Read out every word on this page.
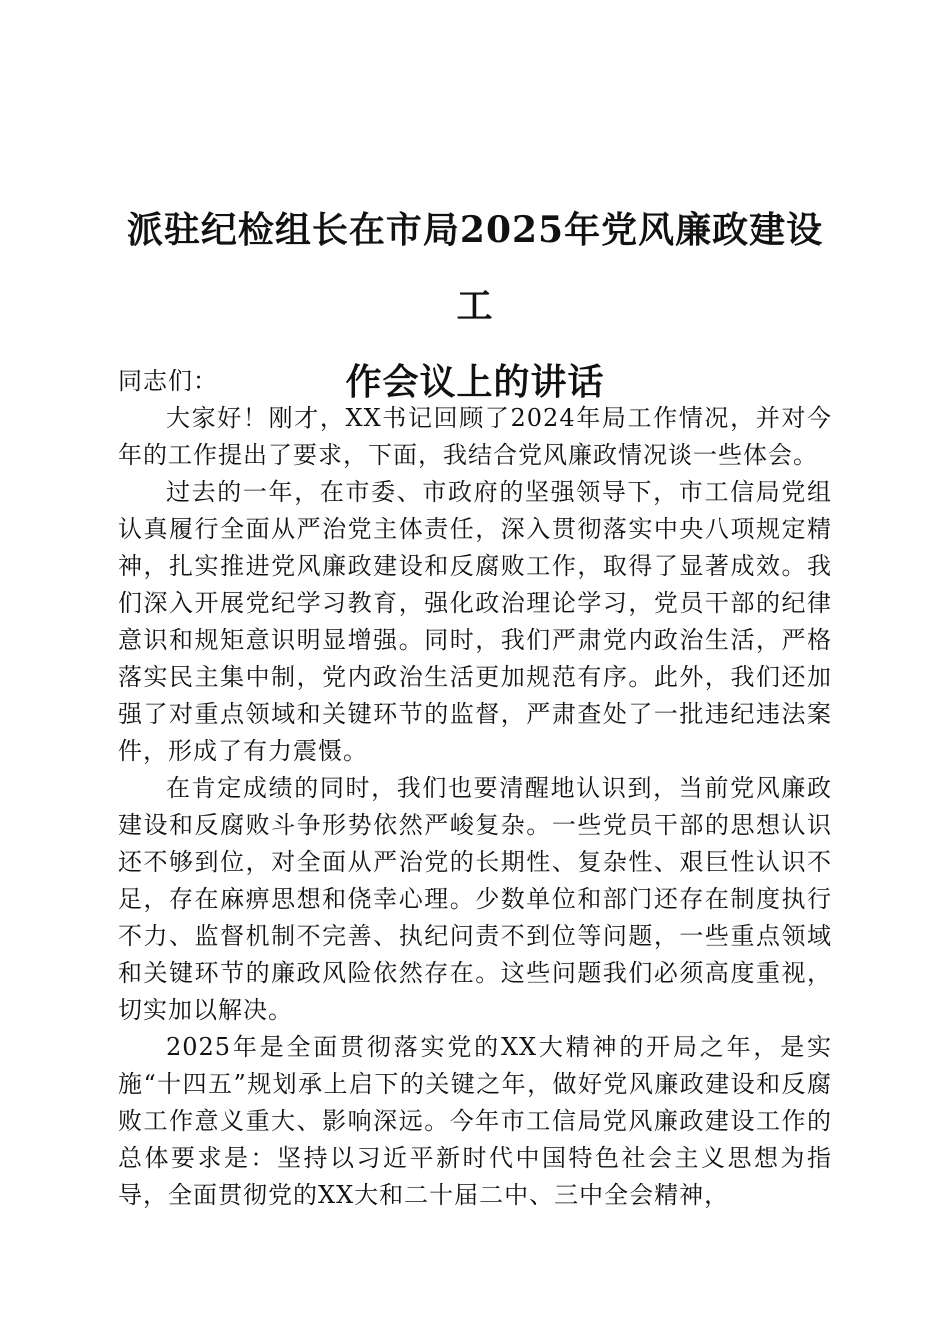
派驻纪检组长在市局2025年党风廉政建设工
作会议上的讲话

同志们：

大家好！刚才，XX书记回顾了2024年局工作情况，并对今年的工作提出了要求，下面，我结合党风廉政情况谈一些体会。

过去的一年，在市委、市政府的坚强领导下，市工信局党组认真履行全面从严治党主体责任，深入贯彻落实中央八项规定精神，扎实推进党风廉政建设和反腐败工作，取得了显著成效。我们深入开展党纪学习教育，强化政治理论学习，党员干部的纪律意识和规矩意识明显增强。同时，我们严肃党内政治生活，严格落实民主集中制，党内政治生活更加规范有序。此外，我们还加强了对重点领域和关键环节的监督，严肃查处了一批违纪违法案件，形成了有力震慑。

在肯定成绩的同时，我们也要清醒地认识到，当前党风廉政建设和反腐败斗争形势依然严峻复杂。一些党员干部的思想认识还不够到位，对全面从严治党的长期性、复杂性、艰巨性认识不足，存在麻痹思想和侥幸心理。少数单位和部门还存在制度执行不力、监督机制不完善、执纪问责不到位等问题，一些重点领域和关键环节的廉政风险依然存在。这些问题我们必须高度重视，切实加以解决。

2025年是全面贯彻落实党的XX大精神的开局之年，是实施“十四五”规划承上启下的关键之年，做好党风廉政建设和反腐败工作意义重大、影响深远。今年市工信局党风廉政建设工作的总体要求是：坚持以习近平新时代中国特色社会主义思想为指导，全面贯彻党的XX大和二十届二中、三中全会精神，
